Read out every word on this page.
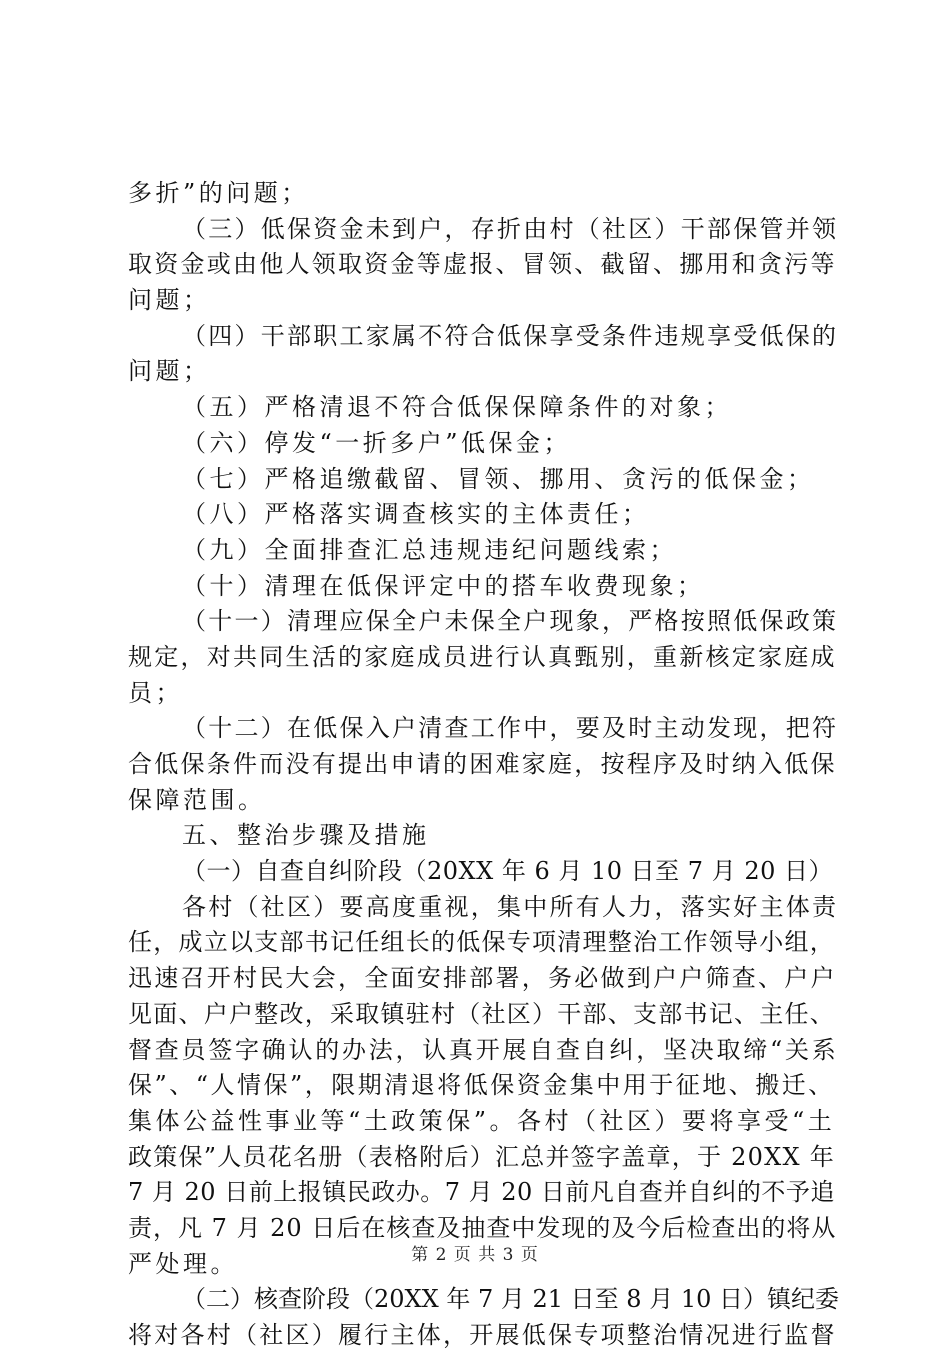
多折”的问题；
（三）低保资金未到户，存折由村（社区）干部保管并领
取资金或由他人领取资金等虚报、冒领、截留、挪用和贪污等
问题；
（四）干部职工家属不符合低保享受条件违规享受低保的
问题；
（五）严格清退不符合低保保障条件的对象；
（六）停发“一折多户”低保金；
（七）严格追缴截留、冒领、挪用、贪污的低保金；
（八）严格落实调查核实的主体责任；
（九）全面排查汇总违规违纪问题线索；
（十）清理在低保评定中的搭车收费现象；
（十一）清理应保全户未保全户现象，严格按照低保政策
规定，对共同生活的家庭成员进行认真甄别，重新核定家庭成
员；
（十二）在低保入户清查工作中，要及时主动发现，把符
合低保条件而没有提出申请的困难家庭，按程序及时纳入低保
保障范围。
五、整治步骤及措施
（一）自查自纠阶段（20XX 年 6 月 10 日至 7 月 20 日）
各村（社区）要高度重视，集中所有人力，落实好主体责
任，成立以支部书记任组长的低保专项清理整治工作领导小组，
迅速召开村民大会，全面安排部署，务必做到户户筛查、户户
见面、户户整改，采取镇驻村（社区）干部、支部书记、主任、
督查员签字确认的办法，认真开展自查自纠，坚决取缔“关系
保”、“人情保”，限期清退将低保资金集中用于征地、搬迁、
集体公益性事业等“土政策保”。各村（社区）要将享受“土
政策保”人员花名册（表格附后）汇总并签字盖章，于 20XX 年
7 月 20 日前上报镇民政办。7 月 20 日前凡自查并自纠的不予追
责，凡 7 月 20 日后在核查及抽查中发现的及今后检查出的将从
严处理。
（二）核查阶段（20XX 年 7 月 21 日至 8 月 10 日）镇纪委
将对各村（社区）履行主体，开展低保专项整治情况进行监督
第 2 页 共 3 页
